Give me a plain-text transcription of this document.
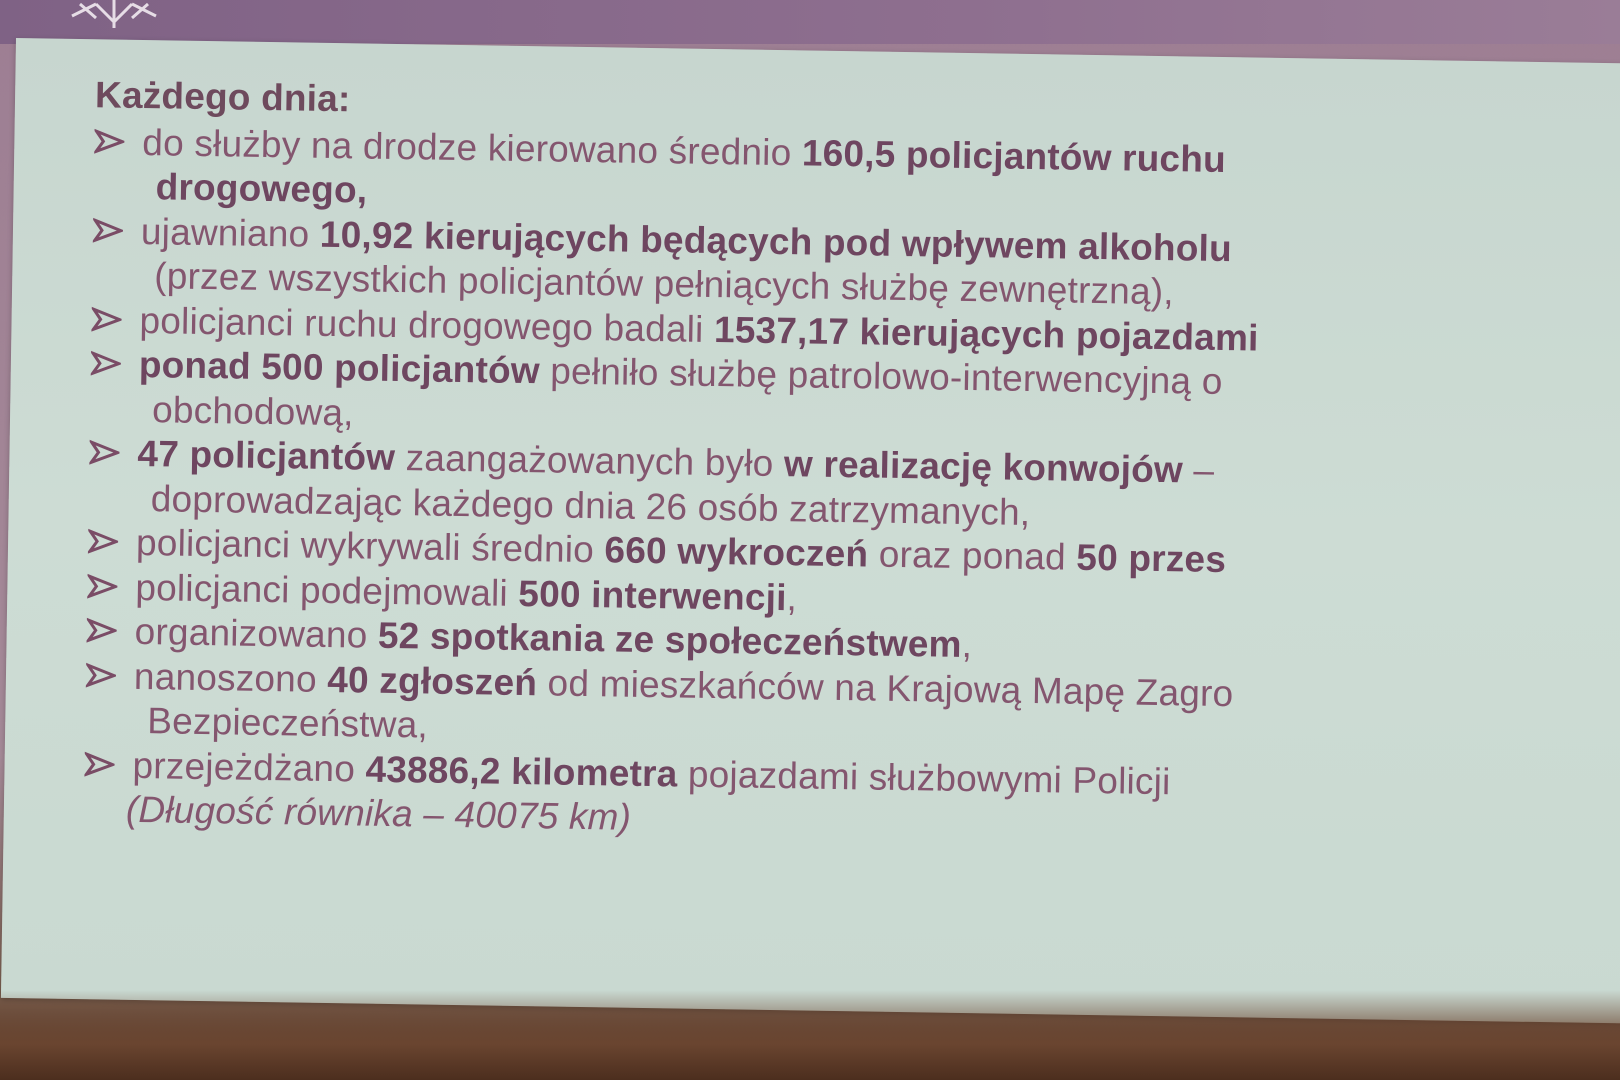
Każdego dnia:
do służby na drodze kierowano średnio 160,5 policjantów ruchu
drogowego,
ujawniano 10,92 kierujących będących pod wpływem alkoholu
(przez wszystkich policjantów pełniących służbę zewnętrzną),
policjanci ruchu drogowego badali 1537,17 kierujących pojazdami
ponad 500 policjantów pełniło służbę patrolowo-interwencyjną o
obchodową,
47 policjantów zaangażowanych było w realizację konwojów –
doprowadzając każdego dnia 26 osób zatrzymanych,
policjanci wykrywali średnio 660 wykroczeń oraz ponad 50 przes
policjanci podejmowali 500 interwencji,
organizowano 52 spotkania ze społeczeństwem,
nanoszono 40 zgłoszeń od mieszkańców na Krajową Mapę Zagro
Bezpieczeństwa,
przejeżdżano 43886,2 kilometra pojazdami służbowymi Policji
(Długość równika – 40075 km)
